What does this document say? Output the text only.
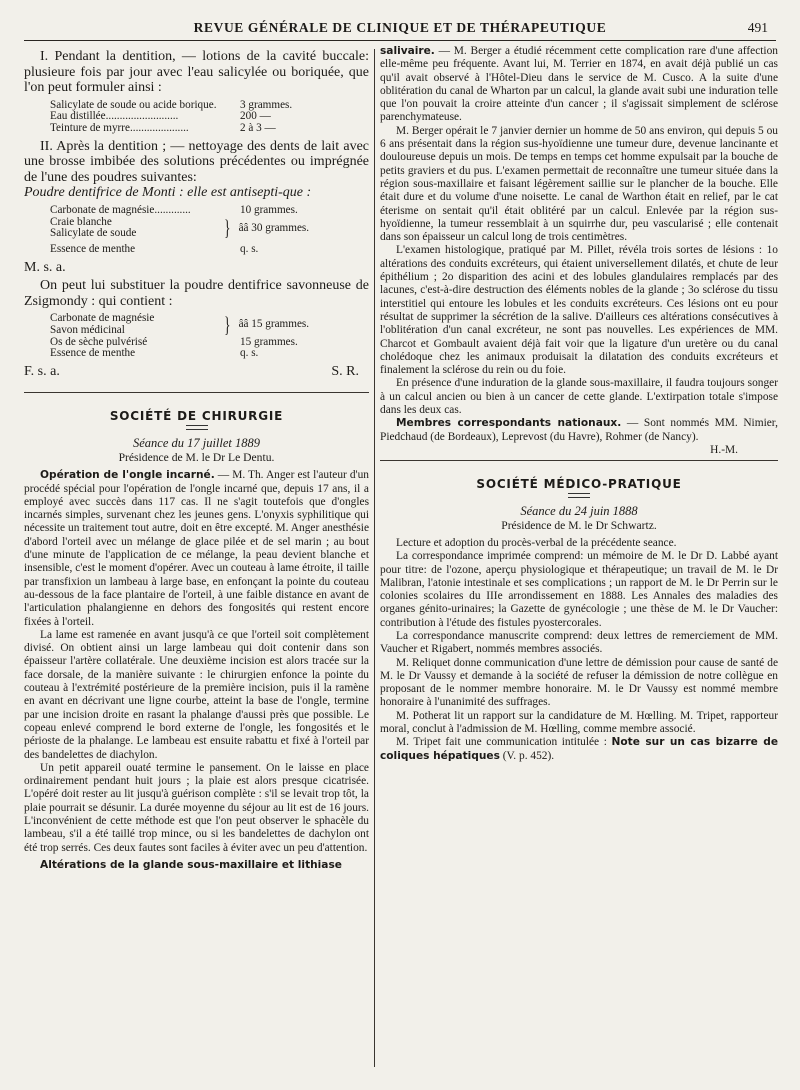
REVUE GÉNÉRALE DE CLINIQUE ET DE THÉRAPEUTIQUE	491

I. Pendant la dentition, — lotions de la cavité buccale: plusieure fois par jour avec l'eau salicylée ou boriquée, que l'on peut formuler ainsi :

Salicylate de soude ou acide borique.	3 grammes.
Eau distillée..........................	200 —
Teinture de myrre.....................	2 à 3 —

II. Après la dentition ; — nettoyage des dents de lait avec une brosse imbibée des solutions précédentes ou imprégnée de l'une des poudres suivantes:

Poudre dentifrice de Monti : elle est antisepti-que :

Carbonate de magnésie.............	10 grammes.
Craie blanche
Salicylate de soude	} ââ 30 grammes.
Essence de menthe	q. s.
M. s. a.

On peut lui substituer la poudre dentifrice savonneuse de Zsigmondy : qui contient :

Carbonate de magnésie
Savon médicinal	} ââ 15 grammes.
Os de sèche pulvérisé	15 grammes.
Essence de menthe	q. s.
F. s. a.	S. R.
SOCIÉTÉ DE CHIRURGIE
Séance du 17 juillet 1889
Présidence de M. le Dr Le Dentu.

Opération de l'ongle incarné. — M. Th. Anger est l'auteur d'un procédé spécial pour l'opération de l'ongle incarné que, depuis 17 ans, il a employé avec succès dans 117 cas. Il ne s'agit toutefois que d'ongles incarnés simples, survenant chez les jeunes gens. L'onyxis syphilitique qui nécessite un traitement tout autre, doit en être excepté. M. Anger anesthésie d'abord l'orteil avec un mélange de glace pilée et de sel marin ; au bout d'une minute de l'application de ce mélange, la peau devient blanche et insensible, c'est le moment d'opérer. Avec un couteau à lame étroite, il taille par transfixion un lambeau à large base, en enfonçant la pointe du couteau au-dessous de la face plantaire de l'orteil, à une faible distance en avant de l'articulation phalangienne en dehors des fongosités qui restent encore fixées à l'orteil.

La lame est ramenée en avant jusqu'à ce que l'orteil soit complètement divisé. On obtient ainsi un large lambeau qui doit contenir dans son épaisseur l'artère collatérale. Une deuxième incision est alors tracée sur la face dorsale, de la manière suivante : le chirurgien enfonce la pointe du couteau à l'extrémité postérieure de la première incision, puis il la ramène en avant en décrivant une ligne courbe, atteint la base de l'ongle, termine par une incision droite en rasant la phalange d'aussi près que possible. Le copeau enlevé comprend le bord externe de l'ongle, les fongosités et le périoste de la phalange. Le lambeau est ensuite rabattu et fixé à l'orteil par des bandelettes de diachylon.

Un petit appareil ouaté termine le pansement. On le laisse en place ordinairement pendant huit jours ; la plaie est alors presque cicatrisée. L'opéré doit rester au lit jusqu'à guérison complète : s'il se levait trop tôt, la plaie pourrait se désunir. La durée moyenne du séjour au lit est de 16 jours. L'inconvénient de cette méthode est que l'on peut observer le sphacèle du lambeau, s'il a été taillé trop mince, ou si les bandelettes de dachylon ont été trop serrés. Ces deux fautes sont faciles à éviter avec un peu d'attention.

Altérations de la glande sous-maxillaire et lithiase

salivaire. — M. Berger a étudié récemment cette complication rare d'une affection elle-même peu fréquente. Avant lui, M. Terrier en 1874, en avait déjà publié un cas qu'il avait observé à l'Hôtel-Dieu dans le service de M. Cusco. A la suite d'une oblitération du canal de Wharton par un calcul, la glande avait subi une induration telle que l'on pouvait la croire atteinte d'un cancer ; il s'agissait simplement de sclérose parenchymateuse.

M. Berger opérait le 7 janvier dernier un homme de 50 ans environ, qui depuis 5 ou 6 ans présentait dans la région sus-hyoïdienne une tumeur dure, devenue lancinante et douloureuse depuis un mois. De temps en temps cet homme expulsait par la bouche de petits graviers et du pus. L'examen permettait de reconnaître une tumeur située dans la région sous-maxillaire et faisant légèrement saillie sur le plancher de la bouche. Elle était dure et du volume d'une noisette. Le canal de Warthon était en relief, par le cat éterisme on sentait qu'il était oblitéré par un calcul. Enlevée par la région sus-hyoïdienne, la tumeur ressemblait à un squirrhe dur, peu vascularisé ; elle contenait dans son épaisseur un calcul long de trois centimètres.

L'examen histologique, pratiqué par M. Pillet, révéla trois sortes de lésions : 1o altérations des conduits excréteurs, qui étaient universellement dilatés, et chute de leur épithélium ; 2o disparition des acini et des lobules glandulaires remplacés par des lacunes, c'est-à-dire destruction des éléments nobles de la glande ; 3o sclérose du tissu interstitiel qui entoure les lobules et les conduits excréteurs. Ces lésions ont eu pour résultat de supprimer la sécrétion de la salive. D'ailleurs ces altérations consécutives à l'oblitération d'un canal excréteur, ne sont pas nouvelles. Les expériences de MM. Charcot et Gombault avaient déjà fait voir que la ligature d'un uretère ou du canal cholédoque chez les animaux produisait la dilatation des conduits excréteurs et finalement la sclérose du rein ou du foie.

En présence d'une induration de la glande sous-maxillaire, il faudra toujours songer à un calcul ancien ou bien à un cancer de cette glande. L'extirpation totale s'impose dans les deux cas.

Membres correspondants nationaux. — Sont nommés MM. Nimier, Piedchaud (de Bordeaux), Leprevost (du Havre), Rohmer (de Nancy).
H.-M.

SOCIÉTÉ MÉDICO-PRATIQUE
Séance du 24 juin 1888
Présidence de M. le Dr Schwartz.

Lecture et adoption du procès-verbal de la précédente seance.

La correspondance imprimée comprend: un mémoire de M. le Dr D. Labbé ayant pour titre: de l'ozone, aperçu physiologique et thérapeutique; un travail de M. le Dr Malibran, l'atonie intestinale et ses complications ; un rapport de M. le Dr Perrin sur le colonies scolaires du IIIe arrondissement en 1888. Les Annales des maladies des organes génito-urinaires; la Gazette de gynécologie ; une thèse de M. le Dr Vaucher: contribution à l'étude des fistules pyostercorales.

La correspondance manuscrite comprend: deux lettres de remerciement de MM. Vaucher et Rigabert, nommés membres associés.

M. Reliquet donne communication d'une lettre de démission pour cause de santé de M. le Dr Vaussy et demande à la société de refuser la démission de notre collègue en proposant de le nommer membre honoraire. M. le Dr Vaussy est nommé membre honoraire à l'unanimité des suffrages.

M. Potherat lit un rapport sur la candidature de M. Hœlling. M. Tripet, rapporteur moral, conclut à l'admission de M. Hœlling, comme membre associé.

M. Tripet fait une communication intitulée : Note sur un cas bizarre de coliques hépatiques (V. p. 452).
